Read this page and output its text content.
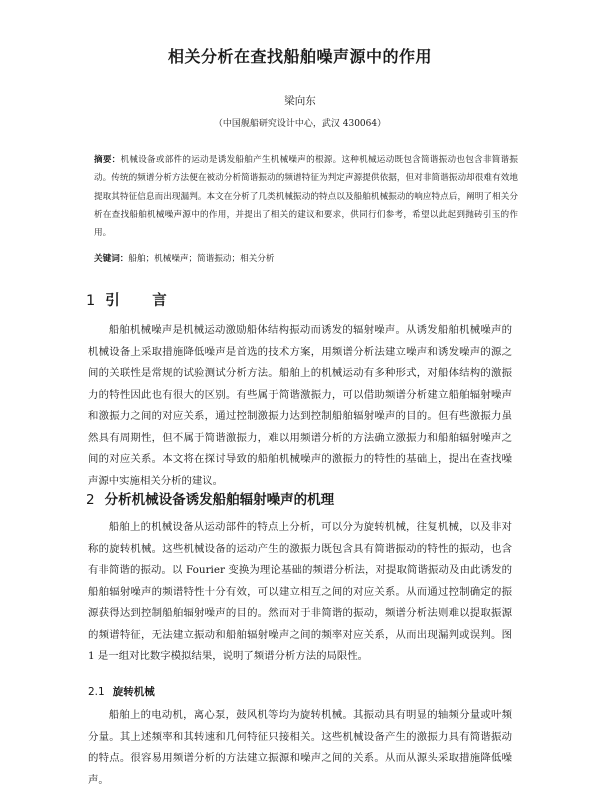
相关分析在查找船舶噪声源中的作用
梁向东
（中国舰船研究设计中心，武汉 430064）
摘要：机械设备或部件的运动是诱发船舶产生机械噪声的根源。这种机械运动既包含简谐振动也包含非简谐振动。传统的频谱分析方法便在被动分析简谐振动的频谱特征为判定声源提供依据，但对非简谐振动却很难有效地提取其特征信息而出现漏判。本文在分析了几类机械振动的特点以及船舶机械振动的响应特点后，阐明了相关分析在查找船舶机械噪声源中的作用，并提出了相关的建议和要求，供同行们参考，希望以此起到抛砖引玉的作用。
关键词：船舶；机械噪声；简谐振动；相关分析
1 引　言
船舶机械噪声是机械运动激励船体结构振动而诱发的辐射噪声。从诱发船舶机械噪声的机械设备上采取措施降低噪声是首选的技术方案，用频谱分析法建立噪声和诱发噪声的源之间的关联性是常规的试验测试分析方法。船舶上的机械运动有多种形式，对船体结构的激振力的特性因此也有很大的区别。有些属于简谐激振力，可以借助频谱分析建立船舶辐射噪声和激振力之间的对应关系，通过控制激振力达到控制船舶辐射噪声的目的。但有些激振力虽然具有周期性，但不属于简谐激振力，难以用频谱分析的方法确立激振力和船舶辐射噪声之间的对应关系。本文将在探讨导致的船舶机械噪声的激振力的特性的基础上，提出在查找噪声源中实施相关分析的建议。
2 分析机械设备诱发船舶辐射噪声的机理
船舶上的机械设备从运动部件的特点上分析，可以分为旋转机械，往复机械，以及非对称的旋转机械。这些机械设备的运动产生的激振力既包含具有简谐振动的特性的振动，也含有非简谐的振动。以 Fourier 变换为理论基础的频谱分析法，对提取简谐振动及由此诱发的船舶辐射噪声的频谱特性十分有效，可以建立相互之间的对应关系。从而通过控制确定的振源获得达到控制船舶辐射噪声的目的。然而对于非简谐的振动，频谱分析法则难以提取振源的频谱特征，无法建立振动和船舶辐射噪声之间的频率对应关系，从而出现漏判或误判。图 1 是一组对比数字模拟结果，说明了频谱分析方法的局限性。
2.1 旋转机械
船舶上的电动机，离心泵，鼓风机等均为旋转机械。其振动具有明显的轴频分量或叶频分量。其上述频率和其转速和几何特征只接相关。这些机械设备产生的激振力具有简谐振动的特点。很容易用频谱分析的方法建立振源和噪声之间的关系。从而从源头采取措施降低噪声。
